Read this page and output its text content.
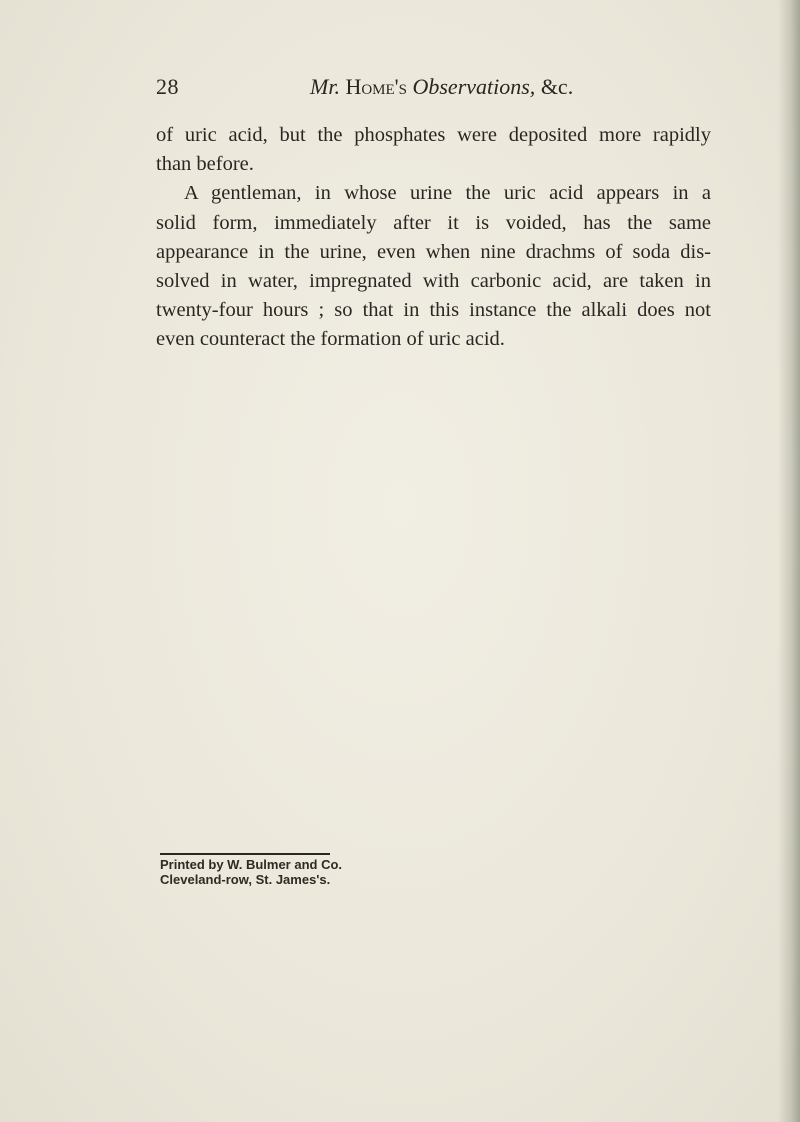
28	Mr. Home's Observations, &c.
of uric acid, but the phosphates were deposited more rapidly
than before.
A gentleman, in whose urine the uric acid appears in a
solid form, immediately after it is voided, has the same
appearance in the urine, even when nine drachms of soda dis-
solved in water, impregnated with carbonic acid, are taken in
twenty-four hours ; so that in this instance the alkali does not
even counteract the formation of uric acid.
Printed by W. Bulmer and Co.
Cleveland-row, St. James's.
